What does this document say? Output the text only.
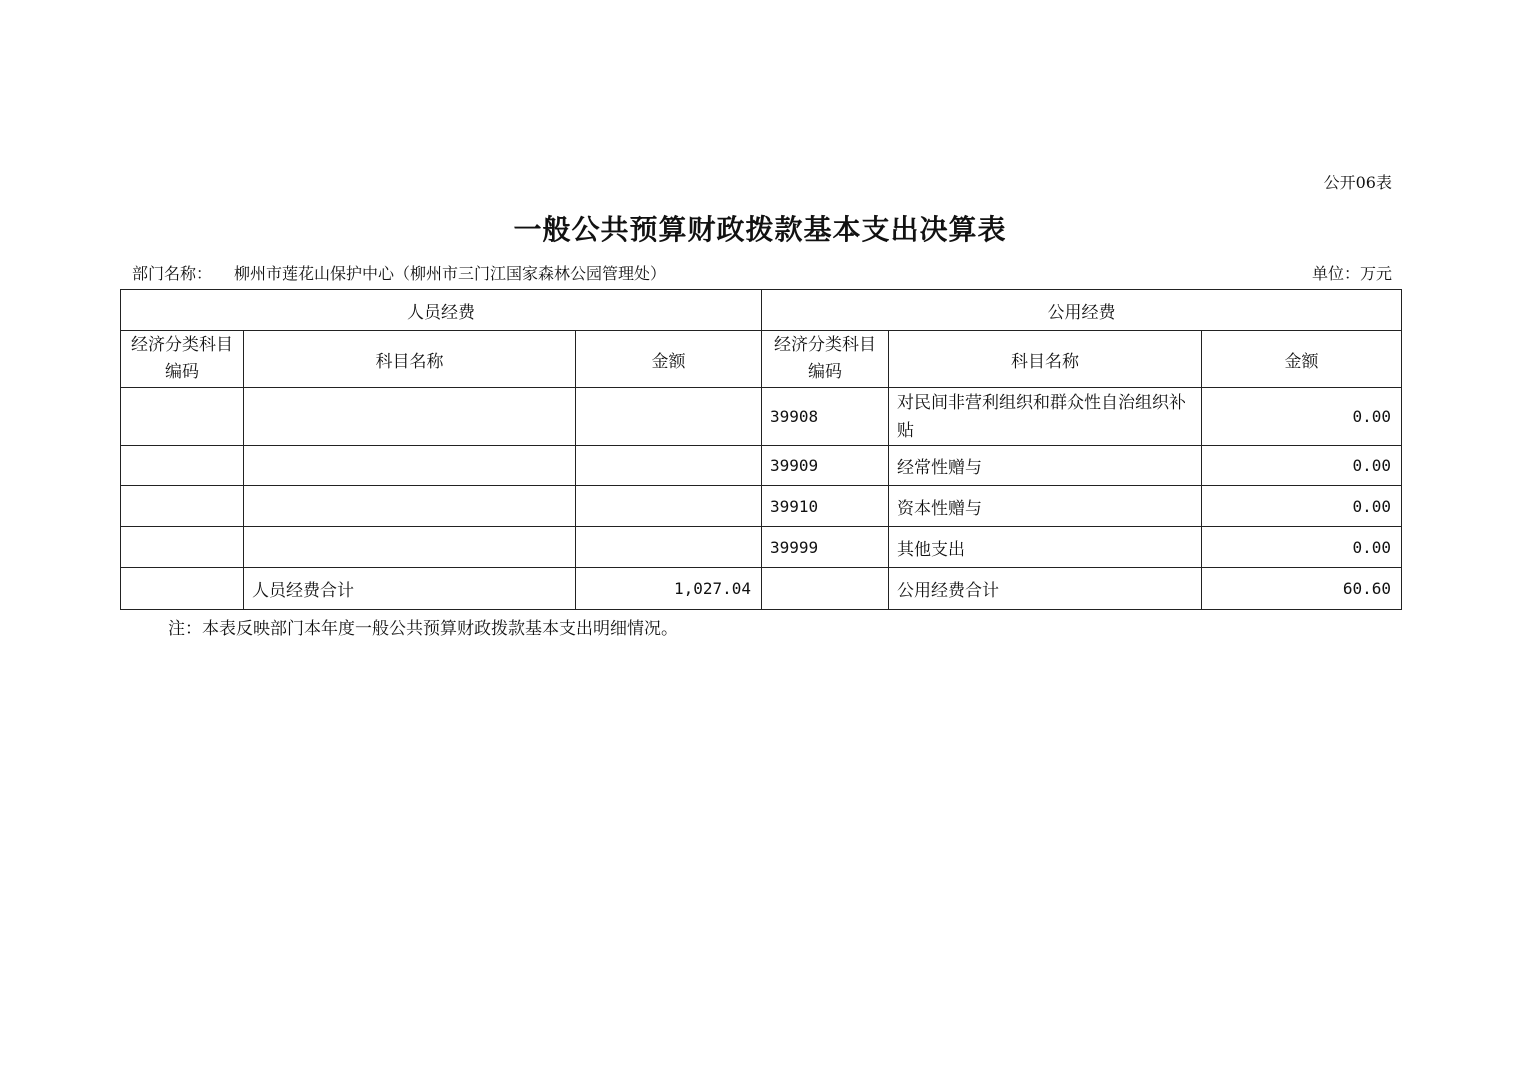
公开06表
一般公共预算财政拨款基本支出决算表
部门名称： 柳州市莲花山保护中心（柳州市三门江国家森林公园管理处）	单位：万元
人员经费			公用经费		
经济分类科目编码	科目名称	金额	经济分类科目编码	科目名称	金额
			39908	对民间非营利组织和群众性自治组织补贴	0.00
			39909	经常性赠与	0.00
			39910	资本性赠与	0.00
			39999	其他支出	0.00
	人员经费合计	1,027.04		公用经费合计	60.60
注：本表反映部门本年度一般公共预算财政拨款基本支出明细情况。
